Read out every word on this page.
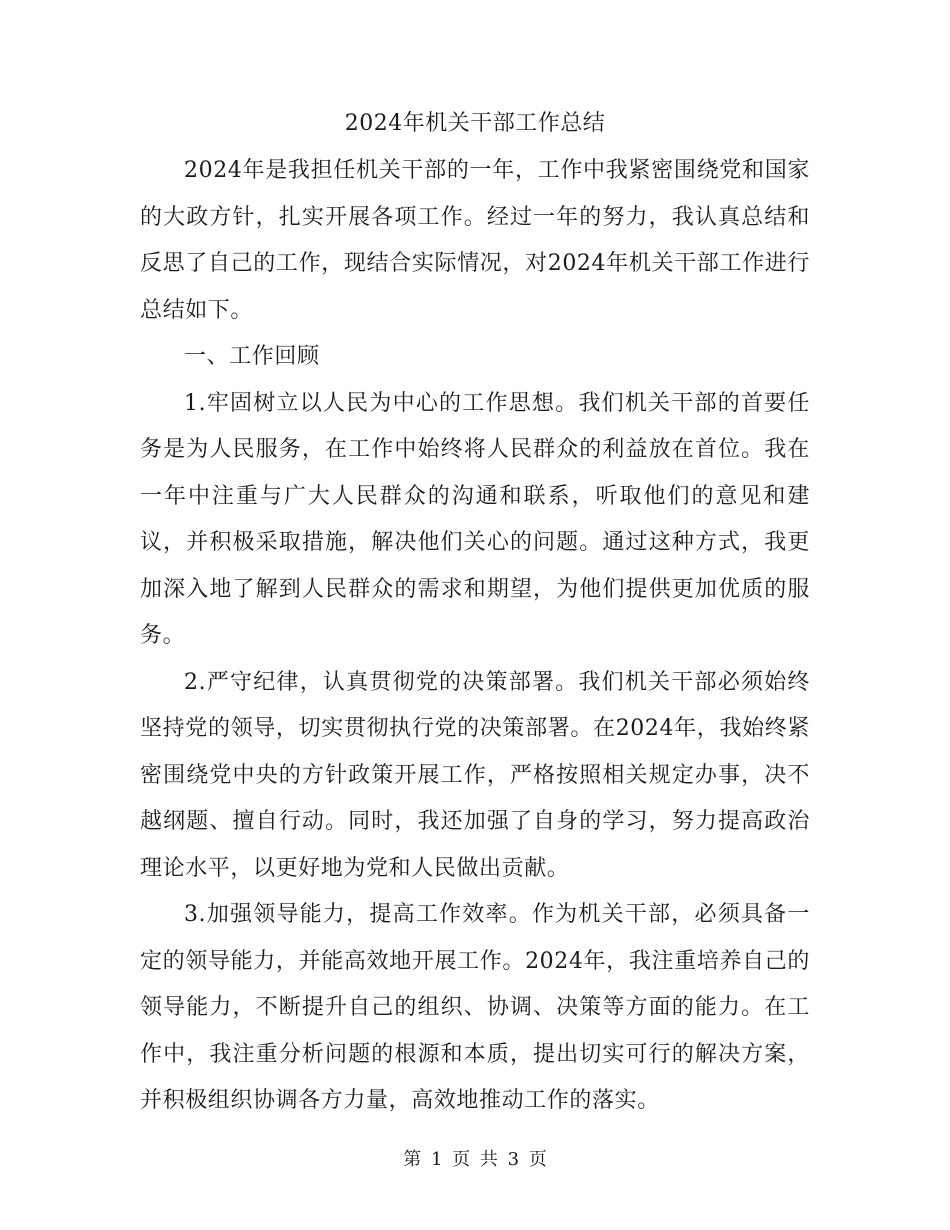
2024年机关干部工作总结

2024年是我担任机关干部的一年，工作中我紧密围绕党和国家的大政方针，扎实开展各项工作。经过一年的努力，我认真总结和反思了自己的工作，现结合实际情况，对2024年机关干部工作进行总结如下。

一、工作回顾

1.牢固树立以人民为中心的工作思想。我们机关干部的首要任务是为人民服务，在工作中始终将人民群众的利益放在首位。我在一年中注重与广大人民群众的沟通和联系，听取他们的意见和建议，并积极采取措施，解决他们关心的问题。通过这种方式，我更加深入地了解到人民群众的需求和期望，为他们提供更加优质的服务。

2.严守纪律，认真贯彻党的决策部署。我们机关干部必须始终坚持党的领导，切实贯彻执行党的决策部署。在2024年，我始终紧密围绕党中央的方针政策开展工作，严格按照相关规定办事，决不越纲题、擅自行动。同时，我还加强了自身的学习，努力提高政治理论水平，以更好地为党和人民做出贡献。

3.加强领导能力，提高工作效率。作为机关干部，必须具备一定的领导能力，并能高效地开展工作。2024年，我注重培养自己的领导能力，不断提升自己的组织、协调、决策等方面的能力。在工作中，我注重分析问题的根源和本质，提出切实可行的解决方案，并积极组织协调各方力量，高效地推动工作的落实。

第 1 页 共 3 页
